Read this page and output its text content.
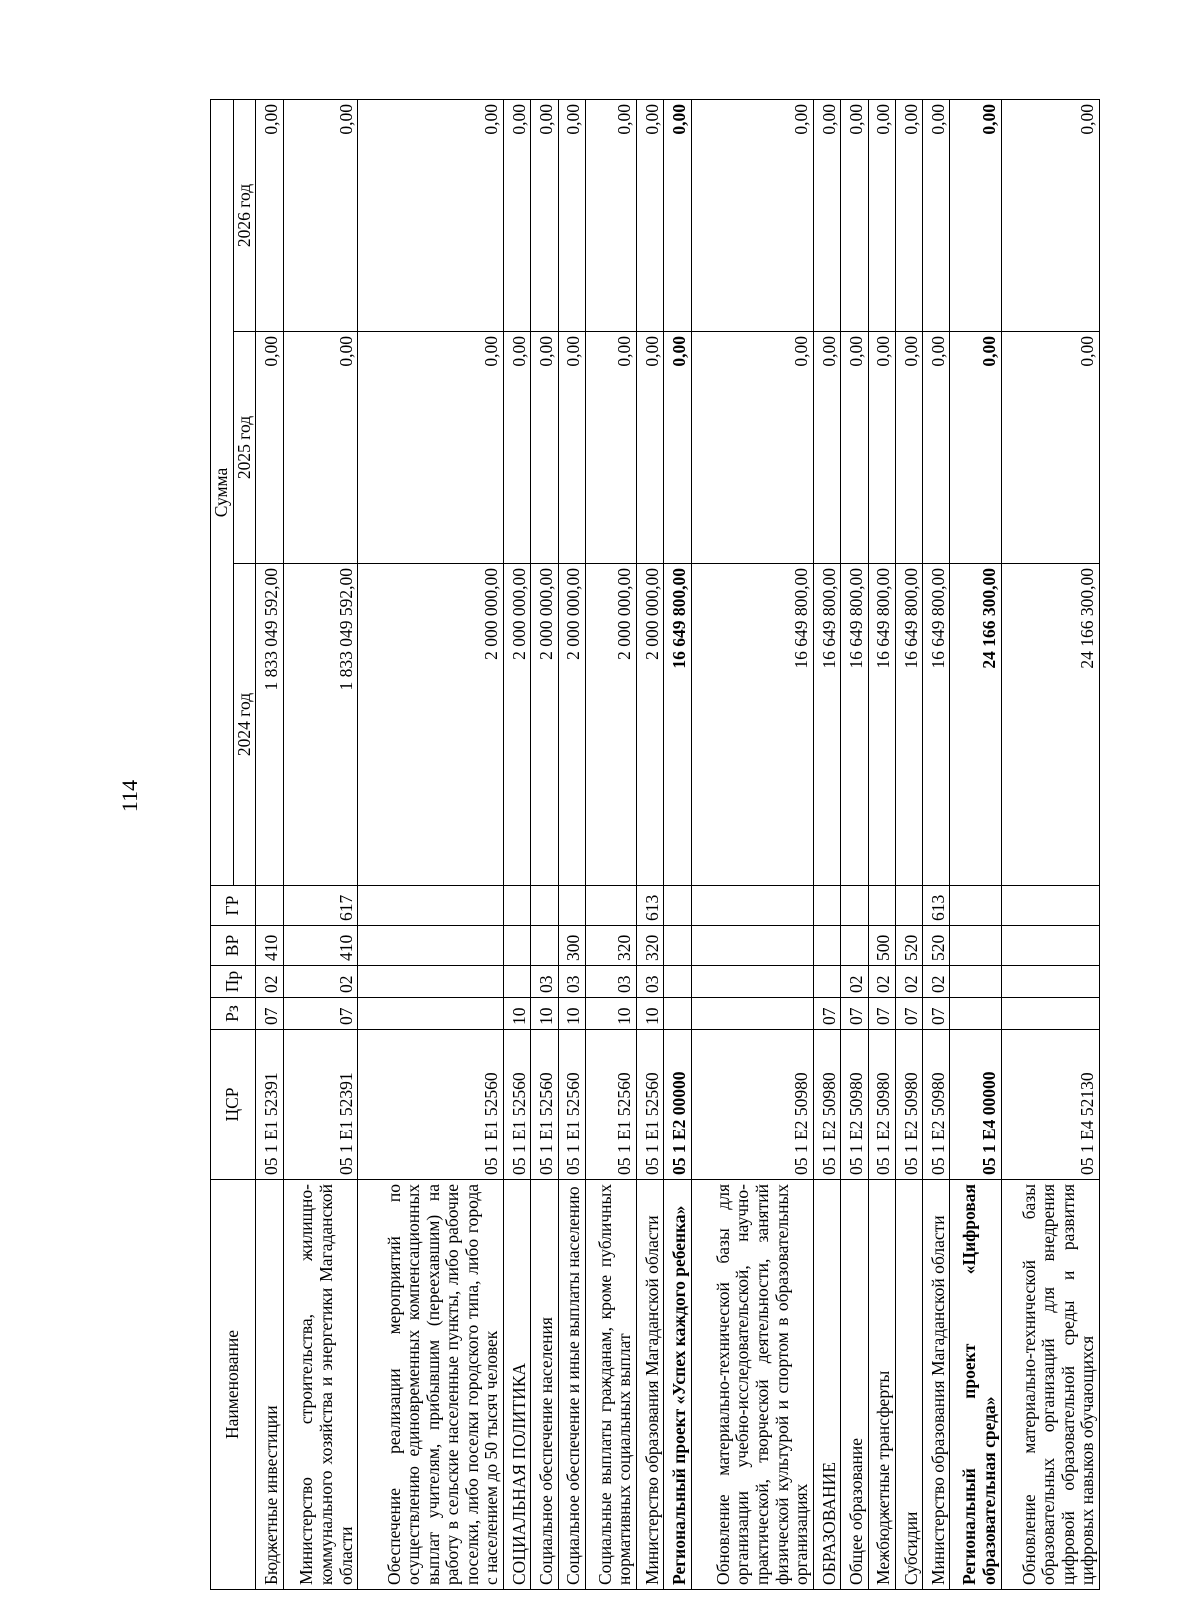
114
Наименование	ЦСР	Рз	Пр	ВР	ГР	Сумма		
						2024 год	2025 год	2026 год
Бюджетные инвестиции	05 1 E1 52391	07	02	410		1 833 049 592,00	0,00	0,00
Министерство строительства, жилищно-коммунального хозяйства и энергетики Магаданской области	05 1 E1 52391	07	02	410	617	1 833 049 592,00	0,00	0,00
Обеспечение реализации мероприятий по осуществлению единовременных компенсационных выплат учителям, прибывшим (переехавшим) на работу в сельские населенные пункты, либо рабочие поселки, либо поселки городского типа, либо города с населением до 50 тысяч человек	05 1 E1 52560					2 000 000,00	0,00	0,00
СОЦИАЛЬНАЯ ПОЛИТИКА	05 1 E1 52560	10				2 000 000,00	0,00	0,00
Социальное обеспечение населения	05 1 E1 52560	10	03			2 000 000,00	0,00	0,00
Социальное обеспечение и иные выплаты населению	05 1 E1 52560	10	03	300		2 000 000,00	0,00	0,00
Социальные выплаты гражданам, кроме публичных нормативных социальных выплат	05 1 E1 52560	10	03	320		2 000 000,00	0,00	0,00
Министерство образования Магаданской области	05 1 E1 52560	10	03	320	613	2 000 000,00	0,00	0,00
Региональный проект «Успех каждого ребенка»	05 1 E2 00000					16 649 800,00	0,00	0,00
Обновление материально-технической базы для организации учебно-исследовательской, научно-практической, творческой деятельности, занятий физической культурой и спортом в образовательных организациях	05 1 E2 50980					16 649 800,00	0,00	0,00
ОБРАЗОВАНИЕ	05 1 E2 50980	07				16 649 800,00	0,00	0,00
Общее образование	05 1 E2 50980	07	02			16 649 800,00	0,00	0,00
Межбюджетные трансферты	05 1 E2 50980	07	02	500		16 649 800,00	0,00	0,00
Субсидии	05 1 E2 50980	07	02	520		16 649 800,00	0,00	0,00
Министерство образования Магаданской области	05 1 E2 50980	07	02	520	613	16 649 800,00	0,00	0,00
Региональный проект «Цифровая образовательная среда»	05 1 E4 00000					24 166 300,00	0,00	0,00
Обновление материально-технической базы образовательных организаций для внедрения цифровой образовательной среды и развития цифровых навыков обучающихся	05 1 E4 52130					24 166 300,00	0,00	0,00
